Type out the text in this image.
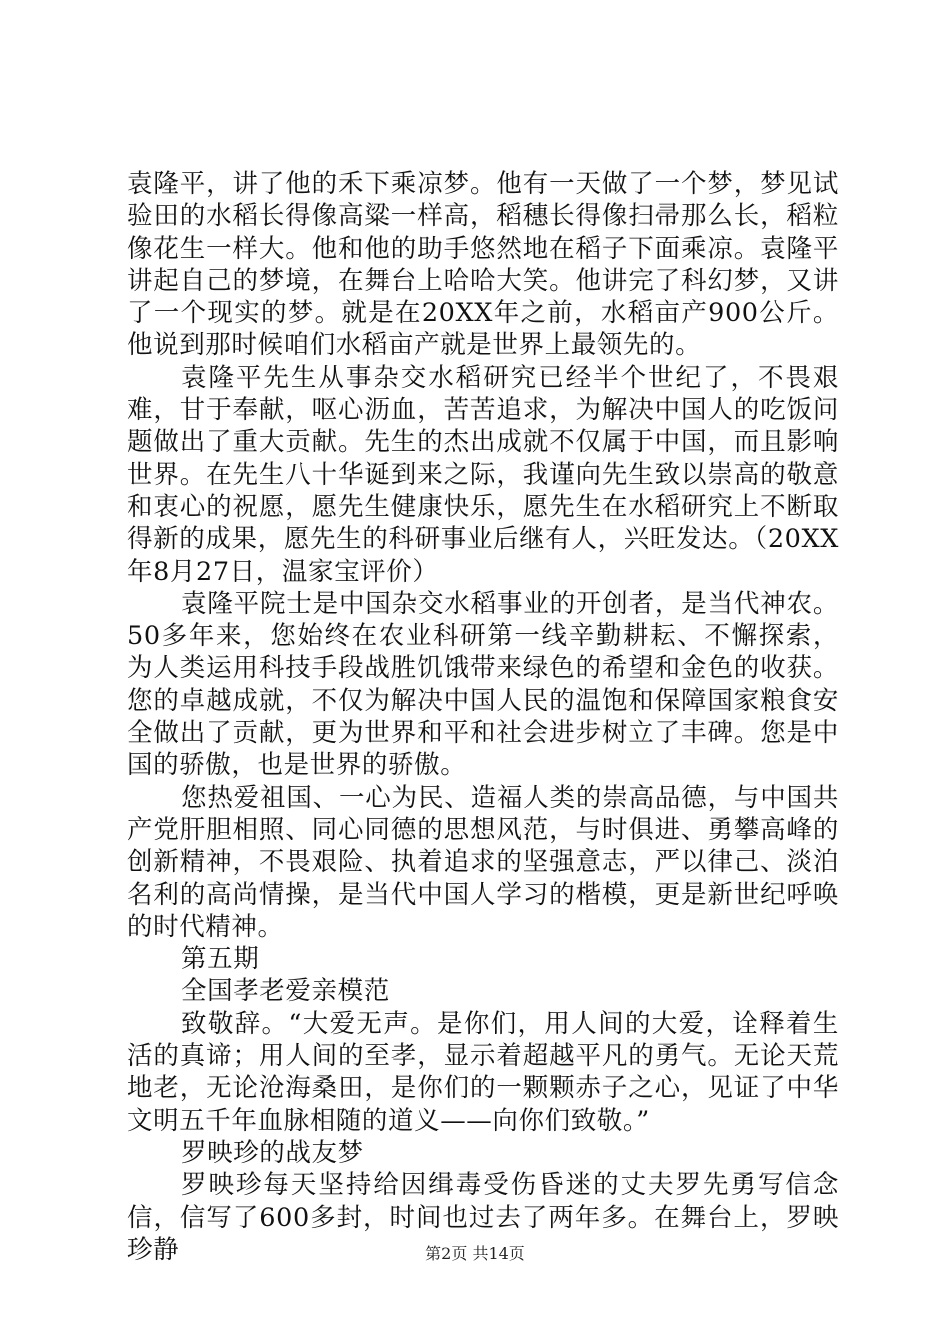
袁隆平，讲了他的禾下乘凉梦。他有一天做了一个梦，梦见试验田的水稻长得像高粱一样高，稻穗长得像扫帚那么长，稻粒像花生一样大。他和他的助手悠然地在稻子下面乘凉。袁隆平讲起自己的梦境，在舞台上哈哈大笑。他讲完了科幻梦，又讲了一个现实的梦。就是在20XX年之前，水稻亩产900公斤。他说到那时候咱们水稻亩产就是世界上最领先的。

袁隆平先生从事杂交水稻研究已经半个世纪了，不畏艰难，甘于奉献，呕心沥血，苦苦追求，为解决中国人的吃饭问题做出了重大贡献。先生的杰出成就不仅属于中国，而且影响世界。在先生八十华诞到来之际，我谨向先生致以崇高的敬意和衷心的祝愿，愿先生健康快乐，愿先生在水稻研究上不断取得新的成果，愿先生的科研事业后继有人，兴旺发达。（20XX年8月27日，温家宝评价）

袁隆平院士是中国杂交水稻事业的开创者，是当代神农。50多年来，您始终在农业科研第一线辛勤耕耘、不懈探索，为人类运用科技手段战胜饥饿带来绿色的希望和金色的收获。您的卓越成就，不仅为解决中国人民的温饱和保障国家粮食安全做出了贡献，更为世界和平和社会进步树立了丰碑。您是中国的骄傲，也是世界的骄傲。

您热爱祖国、一心为民、造福人类的崇高品德，与中国共产党肝胆相照、同心同德的思想风范，与时俱进、勇攀高峰的创新精神，不畏艰险、执着追求的坚强意志，严以律己、淡泊名利的高尚情操，是当代中国人学习的楷模，更是新世纪呼唤的时代精神。

第五期

全国孝老爱亲模范

致敬辞。“大爱无声。是你们，用人间的大爱，诠释着生活的真谛；用人间的至孝，显示着超越平凡的勇气。无论天荒地老，无论沧海桑田，是你们的一颗颗赤子之心，见证了中华文明五千年血脉相随的道义——向你们致敬。”

罗映珍的战友梦

罗映珍每天坚持给因缉毒受伤昏迷的丈夫罗先勇写信念信，信写了600多封，时间也过去了两年多。在舞台上，罗映珍静	第2页 共14页
